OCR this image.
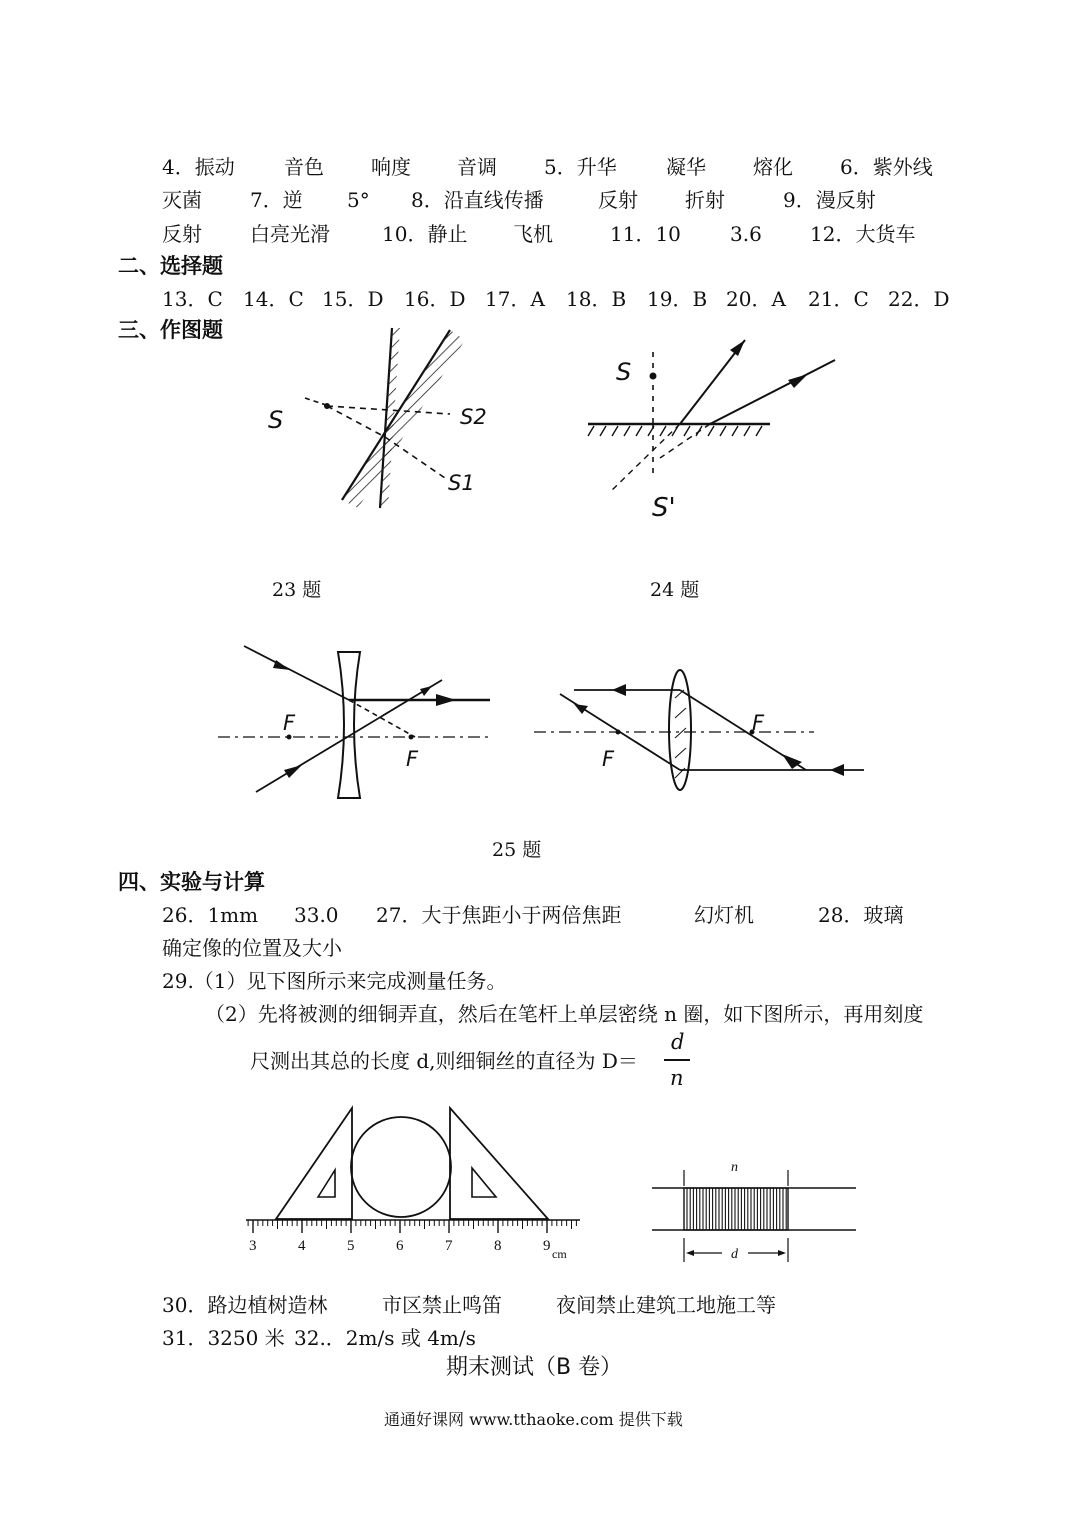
4．振动 音色 响度 音调 5．升华 凝华 熔化 6．紫外线
灭菌 7．逆 5° 8．沿直线传播	反射 折射	9．漫反射
反射 白亮光滑	10．静止 飞机	11．10 3.6 12．大货车
二、选择题
13．C 14．C 15．D 16．D 17．A 18．B 19．B 20．A 21．C 22．D
三、作图题
S	S2
S1
23 题
S
S'
24 题
F
F
F
F
25 题
四、实验与计算
26．1mm 33.0 27．大于焦距小于两倍焦距	幻灯机	28．玻璃
确定像的位置及大小
29.（1）见下图所示来完成测量任务。
（2）先将被测的细铜弄直，然后在笔杆上单层密绕 n 圈，如下图所示，再用刻度
尺测出其总的长度 d,则细铜丝的直径为 D＝
d
n
3	4	5	6	7	8	9 cm
n
d
30．路边植树造林	市区禁止鸣笛	夜间禁止建筑工地施工等
31．3250 米 32.．2m/s 或 4m/s
期末测试（B 卷）
通通好课网 www.tthaoke.com 提供下载
